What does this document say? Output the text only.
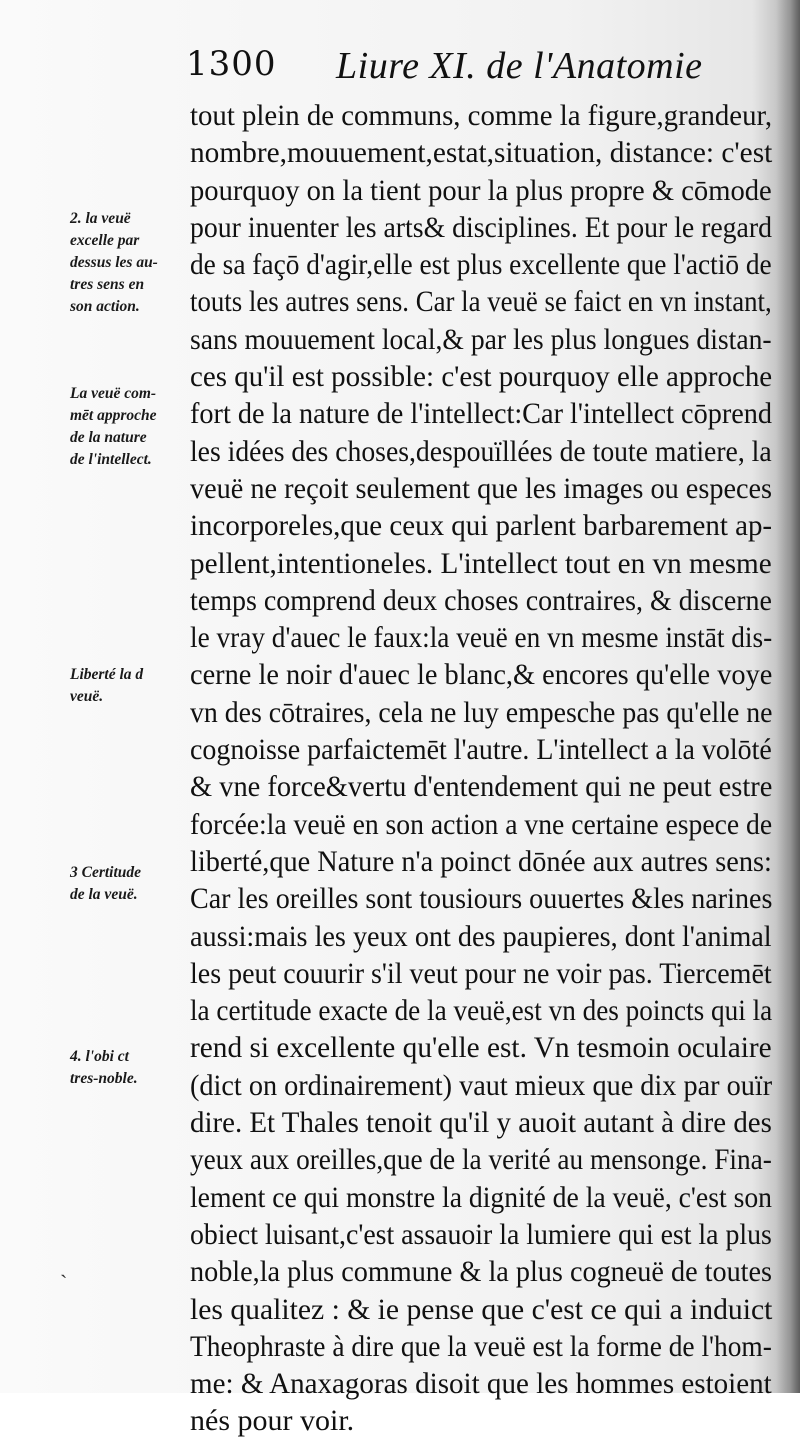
1300 Liure XI. de l'Anatomie
tout plein de communs, comme la figure,grandeur,
nombre,mouuement,estat,situation, distance: c'est
pourquoy on la tient pour la plus propre & cōmode
pour inuenter les arts& disciplines. Et pour le regard
de sa façō d'agir,elle est plus excellente que l'actiō de
touts les autres sens. Car la veuë se faict en vn instant,
sans mouuement local,& par les plus longues distan-
ces qu'il est possible: c'est pourquoy elle approche
fort de la nature de l'intellect:Car l'intellect cōprend
les idées des choses,despouïllées de toute matiere, la
veuë ne reçoit seulement que les images ou especes
incorporeles,que ceux qui parlent barbarement ap-
pellent,intentioneles. L'intellect tout en vn mesme
temps comprend deux choses contraires, & discerne
le vray d'auec le faux:la veuë en vn mesme instāt dis-
cerne le noir d'auec le blanc,& encores qu'elle voye
vn des cōtraires, cela ne luy empesche pas qu'elle ne
cognoisse parfaictemēt l'autre. L'intellect a la volōté
& vne force&vertu d'entendement qui ne peut estre
forcée:la veuë en son action a vne certaine espece de
liberté,que Nature n'a poinct dōnée aux autres sens:
Car les oreilles sont tousiours ouuertes &les narines
aussi:mais les yeux ont des paupieres, dont l'animal
les peut couurir s'il veut pour ne voir pas. Tiercemēt
la certitude exacte de la veuë,est vn des poincts qui la
rend si excellente qu'elle est. Vn tesmoin oculaire
(dict on ordinairement) vaut mieux que dix par ouïr
dire. Et Thales tenoit qu'il y auoit autant à dire des
yeux aux oreilles,que de la verité au mensonge. Fina-
lement ce qui monstre la dignité de la veuë, c'est son
obiect luisant,c'est assauoir la lumiere qui est la plus
noble,la plus commune & la plus cogneuë de toutes
les qualitez : & ie pense que c'est ce qui a induict
Theophraste à dire que la veuë est la forme de l'hom-
me: & Anaxagoras disoit que les hommes estoient
nés pour voir.
2. la veuë
excelle par
dessus les au-
tres sens en
son action.
La veuë com-
mēt approche
de la nature
de l'intellect.
Liberté la d
veuë.
3 Certitude
de la veuë.
4. l'obi ct
tres-noble.
`
